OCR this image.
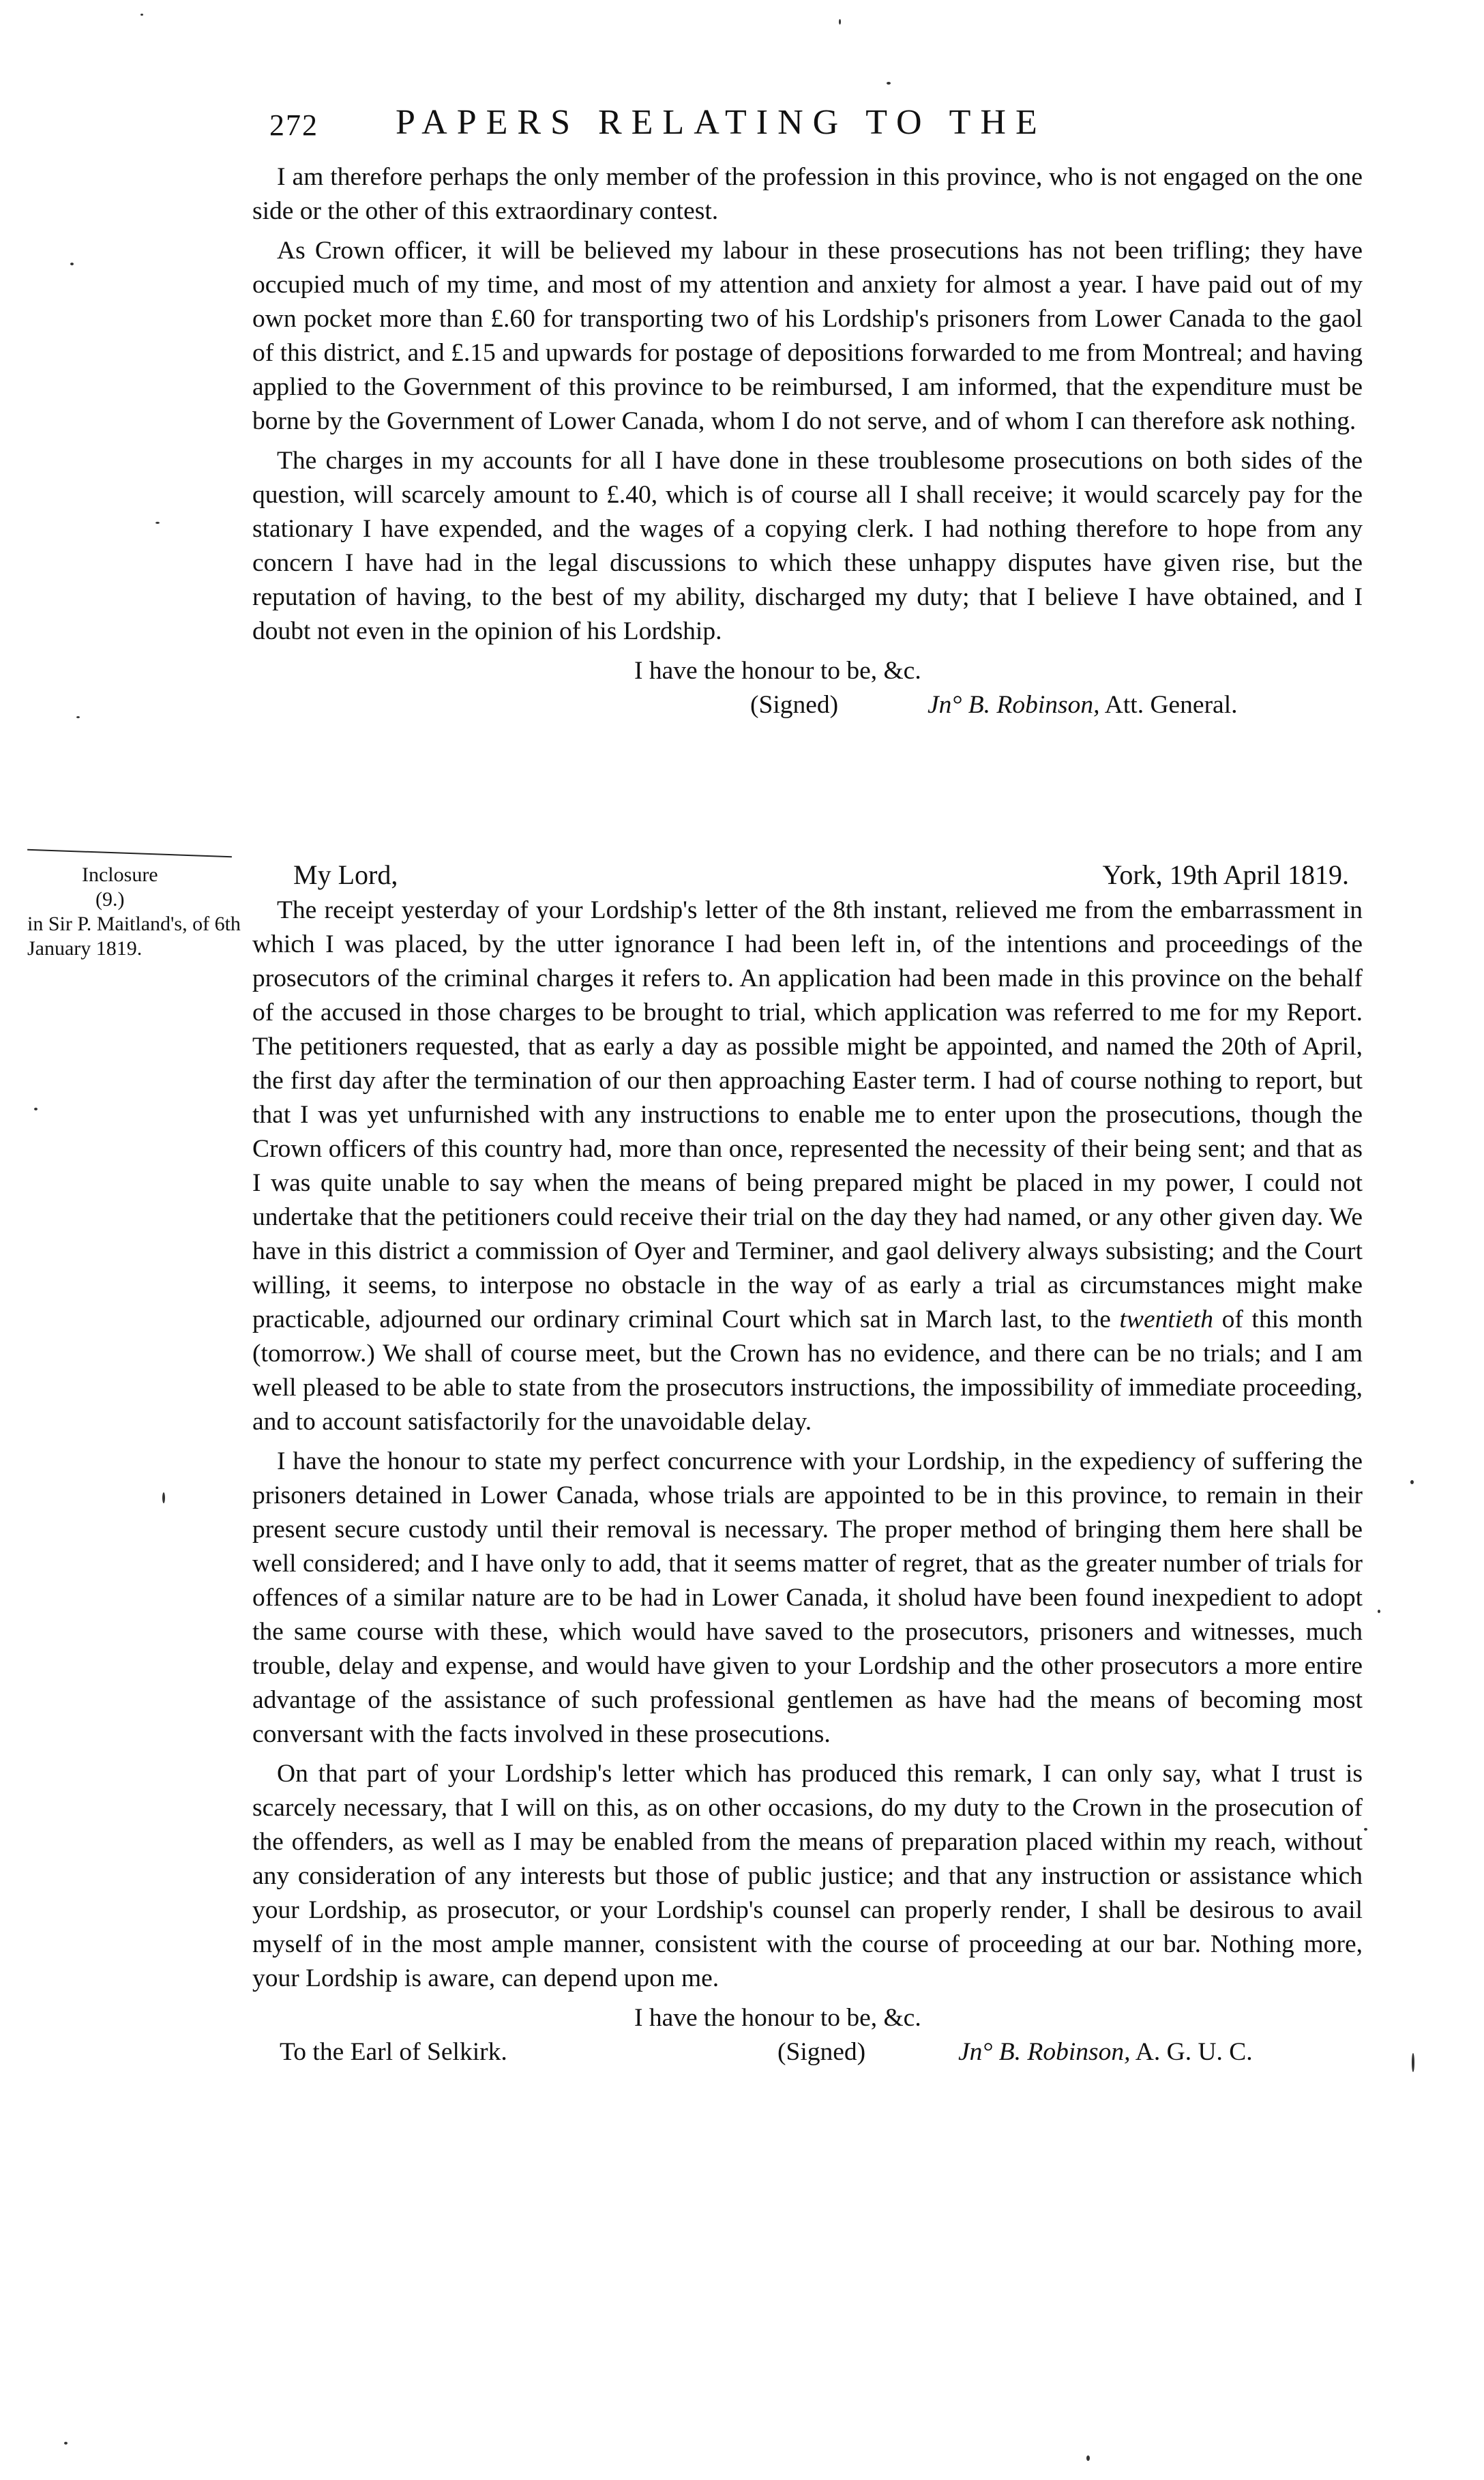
272 PAPERS RELATING TO THE

I am therefore perhaps the only member of the profession in this province, who is not engaged on the one side or the other of this extraordinary contest.

As Crown officer, it will be believed my labour in these prosecutions has not been trifling; they have occupied much of my time, and most of my attention and anxiety for almost a year. I have paid out of my own pocket more than £.60 for transporting two of his Lordship's prisoners from Lower Canada to the gaol of this district, and £.15 and upwards for postage of depositions forwarded to me from Montreal; and having applied to the Government of this province to be reimbursed, I am informed, that the expenditure must be borne by the Government of Lower Canada, whom I do not serve, and of whom I can therefore ask nothing.

The charges in my accounts for all I have done in these troublesome prosecutions on both sides of the question, will scarcely amount to £.40, which is of course all I shall receive; it would scarcely pay for the stationary I have expended, and the wages of a copying clerk. I had nothing therefore to hope from any concern I have had in the legal discussions to which these unhappy disputes have given rise, but the reputation of having, to the best of my ability, discharged my duty; that I believe I have obtained, and I doubt not even in the opinion of his Lordship.

I have the honour to be, &c.
(Signed)	Jn° B. Robinson, Att. General.
Inclosure
(9.)
in Sir P. Maitland's, of 6th January 1819.
My Lord,	York, 19th April 1819.

The receipt yesterday of your Lordship's letter of the 8th instant, relieved me from the embarrassment in which I was placed, by the utter ignorance I had been left in, of the intentions and proceedings of the prosecutors of the criminal charges it refers to. An application had been made in this province on the behalf of the accused in those charges to be brought to trial, which application was referred to me for my Report. The petitioners requested, that as early a day as possible might be appointed, and named the 20th of April, the first day after the termination of our then approaching Easter term. I had of course nothing to report, but that I was yet unfurnished with any instructions to enable me to enter upon the prosecutions, though the Crown officers of this country had, more than once, represented the necessity of their being sent; and that as I was quite unable to say when the means of being prepared might be placed in my power, I could not undertake that the petitioners could receive their trial on the day they had named, or any other given day. We have in this district a commission of Oyer and Terminer, and gaol delivery always subsisting; and the Court willing, it seems, to interpose no obstacle in the way of as early a trial as circumstances might make practicable, adjourned our ordinary criminal Court which sat in March last, to the twentieth of this month (tomorrow.) We shall of course meet, but the Crown has no evidence, and there can be no trials; and I am well pleased to be able to state from the prosecutors instructions, the impossibility of immediate proceeding, and to account satisfactorily for the unavoidable delay.

I have the honour to state my perfect concurrence with your Lordship, in the expediency of suffering the prisoners detained in Lower Canada, whose trials are appointed to be in this province, to remain in their present secure custody until their removal is necessary. The proper method of bringing them here shall be well considered; and I have only to add, that it seems matter of regret, that as the greater number of trials for offences of a similar nature are to be had in Lower Canada, it sholud have been found inexpedient to adopt the same course with these, which would have saved to the prosecutors, prisoners and witnesses, much trouble, delay and expense, and would have given to your Lordship and the other prosecutors a more entire advantage of the assistance of such professional gentlemen as have had the means of becoming most conversant with the facts involved in these prosecutions.

On that part of your Lordship's letter which has produced this remark, I can only say, what I trust is scarcely necessary, that I will on this, as on other occasions, do my duty to the Crown in the prosecution of the offenders, as well as I may be enabled from the means of preparation placed within my reach, without any consideration of any interests but those of public justice; and that any instruction or assistance which your Lordship, as prosecutor, or your Lordship's counsel can properly render, I shall be desirous to avail myself of in the most ample manner, consistent with the course of proceeding at our bar. Nothing more, your Lordship is aware, can depend upon me.

I have the honour to be, &c.
To the Earl of Selkirk.	(Signed)	Jn° B. Robinson, A. G. U. C.
